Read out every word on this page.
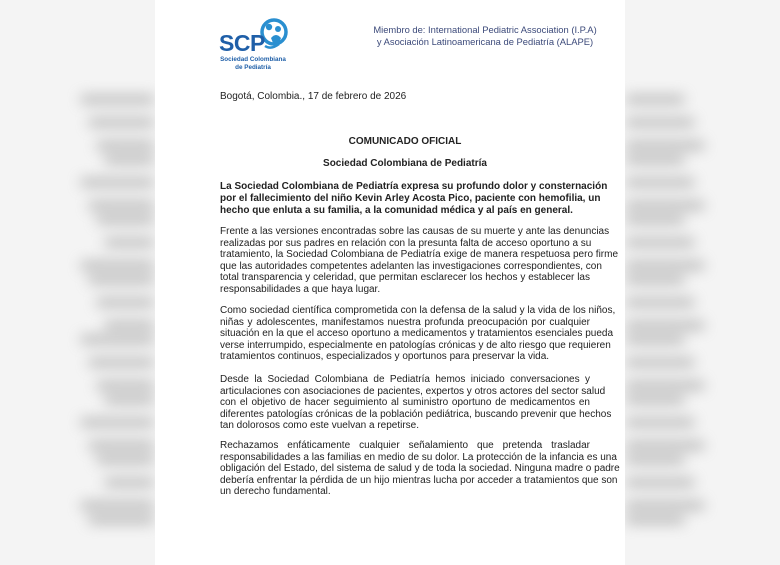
SCP
Sociedad Colombiana
de Pediatría
Miembro de: International Pediatric Association (I.P.A)
y Asociación Latinoamericana de Pediatría (ALAPE)
Bogotá, Colombia., 17 de febrero de 2026
COMUNICADO OFICIAL
Sociedad Colombiana de Pediatría
La Sociedad Colombiana de Pediatría expresa su profundo dolor y consternación
por el fallecimiento del niño Kevin Arley Acosta Pico, paciente con hemofilia, un
hecho que enluta a su familia, a la comunidad médica y al país en general.
Frente a las versiones encontradas sobre las causas de su muerte y ante las denuncias
realizadas por sus padres en relación con la presunta falta de acceso oportuno a su
tratamiento, la Sociedad Colombiana de Pediatría exige de manera respetuosa pero firme
que las autoridades competentes adelanten las investigaciones correspondientes, con
total transparencia y celeridad, que permitan esclarecer los hechos y establecer las
responsabilidades a que haya lugar.
Como sociedad científica comprometida con la defensa de la salud y la vida de los niños,
niñas y adolescentes, manifestamos nuestra profunda preocupación por cualquier
situación en la que el acceso oportuno a medicamentos y tratamientos esenciales pueda
verse interrumpido, especialmente en patologías crónicas y de alto riesgo que requieren
tratamientos continuos, especializados y oportunos para preservar la vida.
Desde la Sociedad Colombiana de Pediatría hemos iniciado conversaciones y
articulaciones con asociaciones de pacientes, expertos y otros actores del sector salud
con el objetivo de hacer seguimiento al suministro oportuno de medicamentos en
diferentes patologías crónicas de la población pediátrica, buscando prevenir que hechos
tan dolorosos como este vuelvan a repetirse.
Rechazamos enfáticamente cualquier señalamiento que pretenda trasladar
responsabilidades a las familias en medio de su dolor. La protección de la infancia es una
obligación del Estado, del sistema de salud y de toda la sociedad. Ninguna madre o padre
debería enfrentar la pérdida de un hijo mientras lucha por acceder a tratamientos que son
un derecho fundamental.
